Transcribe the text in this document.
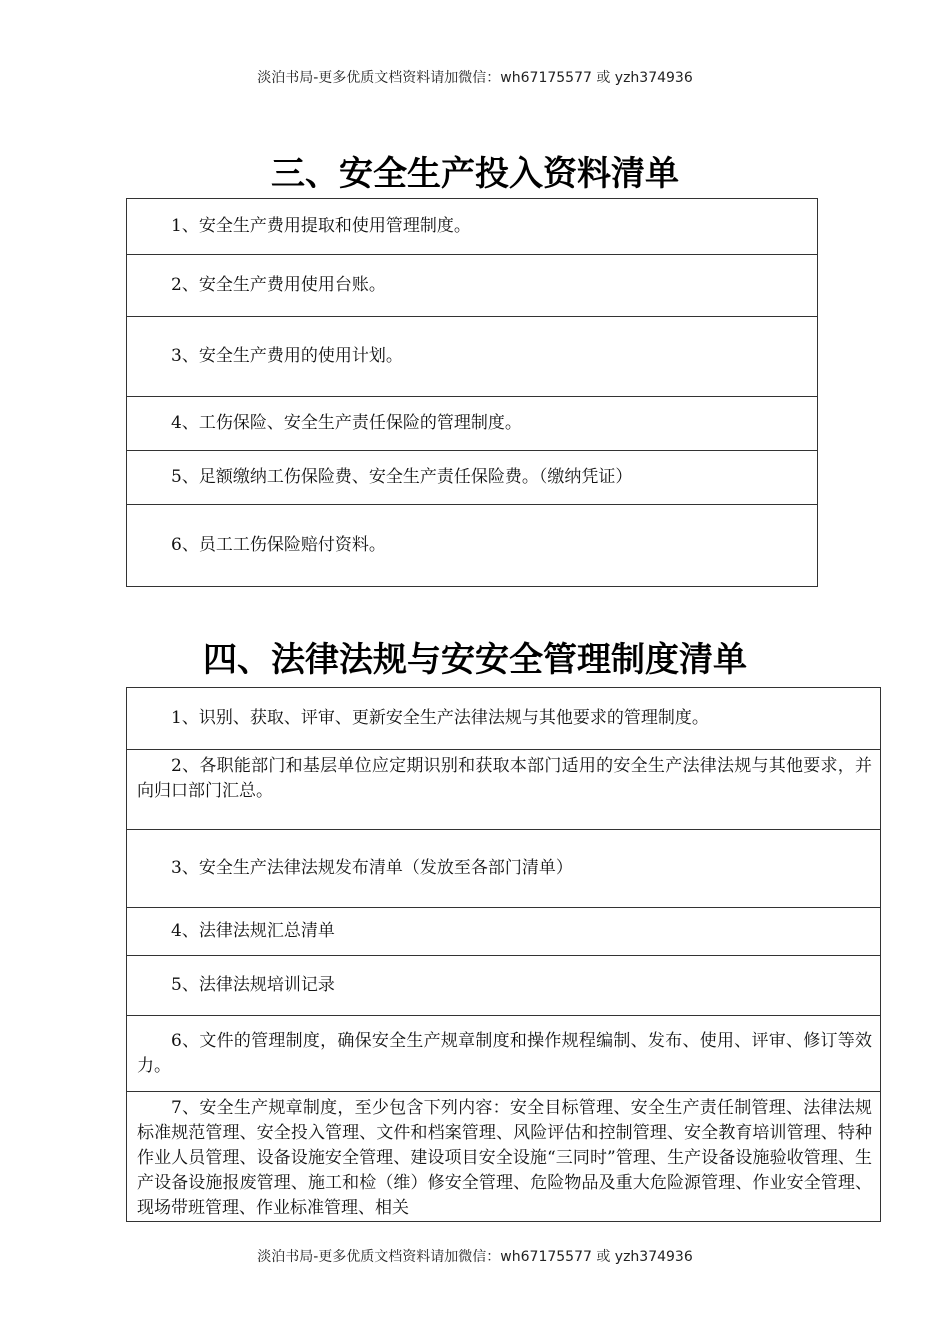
淡泊书局-更多优质文档资料请加微信：wh67175577 或 yzh374936
三、安全生产投入资料清单
1、安全生产费用提取和使用管理制度。
2、安全生产费用使用台账。
3、安全生产费用的使用计划。
4、工伤保险、安全生产责任保险的管理制度。
5、足额缴纳工伤保险费、安全生产责任保险费。（缴纳凭证）
6、员工工伤保险赔付资料。
四、法律法规与安安全管理制度清单
1、识别、获取、评审、更新安全生产法律法规与其他要求的管理制度。
2、各职能部门和基层单位应定期识别和获取本部门适用的安全生产法律法规与其他要求，并向归口部门汇总。
3、安全生产法律法规发布清单（发放至各部门清单）
4、法律法规汇总清单
5、法律法规培训记录
6、文件的管理制度，确保安全生产规章制度和操作规程编制、发布、使用、评审、修订等效力。

7、安全生产规章制度，至少包含下列内容：安全目标管理、安全生产责任制管理、法律法规标准规范管理、安全投入管理、文件和档案管理、风险评估和控制管理、安全教育培训管理、特种作业人员管理、设备设施安全管理、建设项目安全设施“三同时”管理、生产设备设施验收管理、生产设备设施报废管理、施工和检（维）修安全管理、危险物品及重大危险源管理、作业安全管理、现场带班管理、作业标准管理、相关
淡泊书局-更多优质文档资料请加微信：wh67175577 或 yzh374936
